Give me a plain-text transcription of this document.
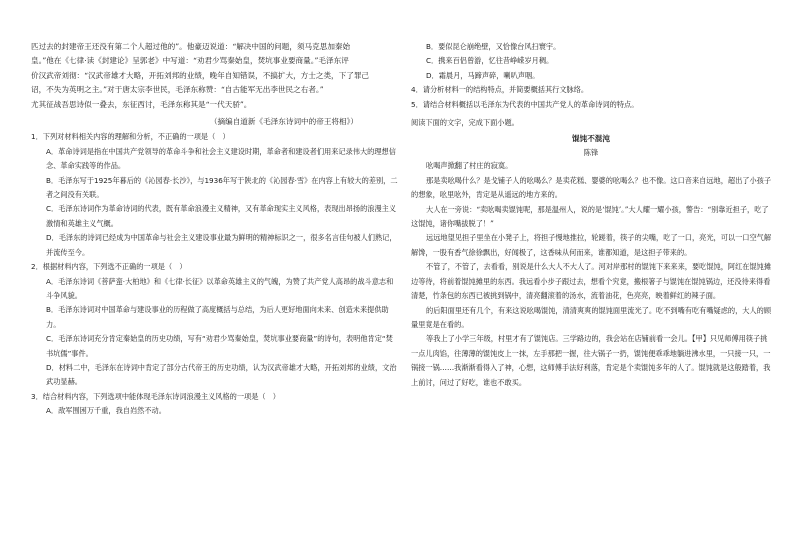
匹过去的封建帝王还没有第二个人超过他的”。他豪迈说道：“解决中国的问题，须马克思加秦始

皇。”他在《七律·读《封建论》呈郭老》中写道：“劝君少骂秦始皇，焚坑事业要商量。”毛泽东评

价汉武帝刘彻：“汉武帝雄才大略，开拓刘邦的业绩，晚年自知错误，不搞扩大，方士之类，下了罪己

诏，不失为英明之主。”对于唐太宗李世民，毛泽东称赞：“自古能军无出李世民之右者。”

尤其征战吾思诗似一叠去，东征西讨，毛泽东称其是“一代天骄”。

（摘编自道新《毛泽东诗词中的帝王将相》）

1．下列对材料相关内容的理解和分析，不正确的一项是（　）

A．革命诗词是指在中国共产党领导的革命斗争和社会主义建设时期，革命者和建设者们用来记录伟大的理想信念、革命实践等的作品。

B．毛泽东写于1925年暮后的《沁园春·长沙》，与1936年写于陕北的《沁园春·雪》在内容上有较大的差别，二者之间没有关联。

C．毛泽东诗词作为革命诗词的代表，既有革命浪漫主义精神，又有革命现实主义风格，表现出昂扬的浪漫主义激情和英雄主义气概。

D．毛泽东的诗词已经成为中国革命与社会主义建设事业最为鲜明的精神标识之一，很多名言佳句被人们熟记，并流传至今。

2．根据材料内容，下列选不正确的一项是（　）

A．毛泽东诗词《菩萨蛮·大柏地》和《七律·长征》以革命英雄主义的气魄，为赞了共产党人高昂的战斗意志和斗争风貌。

B．毛泽东诗词对中国革命与建设事业的历程做了高度概括与总结，为后人更好地面向未来、创造未来提供助力。

C．毛泽东诗词充分肯定秦始皇的历史功绩，写有“劝君少骂秦始皇，焚坑事业要商量”的诗句，表明他肯定“焚书坑儒”事件。

D．材料二中，毛泽东在诗词中肯定了部分古代帝王的历史功绩，认为汉武帝雄才大略，开拓刘邦的业绩，文治武功显赫。

3．结合材料内容，下列选项中能体现毛泽东诗词浪漫主义风格的一项是（　）

A．敌军围困万千重，我自岿然不动。

B．要似昆仑崩绝壁，又恰像台风扫寰宇。

C．携来百侣曾游，忆往昔峥嵘岁月稠。

D．霜晨月，马蹄声碎，喇叭声咽。

4．请分析材料一的结构特点，并简要概括其行文脉络。

5．请结合材料概括以毛泽东为代表的中国共产党人的革命诗词的特点。

阅读下面的文字，完成下面小题。

馄饨不混沌

陈锋

吆喝声掀翻了村庄的寂寞。

那是卖吆喝什么？是戈铺子人的吆喝么？是卖花糕、婴婆的吆喝么？也不像。这口音来自远地，超出了小孩子的想象，吆里吆外，肯定是从遥远的地方来的。

大人在一旁说：“卖吆喝卖馄饨呢，那是温州人，说的是‘馄饨’。”大人耀一耀小孩，警告：“别靠近担子，吃了这馄饨，诸你嘴拔脱了！”

远远地望见担子里坐在小凳子上，将担子慢地推拉，轮蹉着，筷子的尖嘴，吃了一口，亮光，可以一口空气解解馋，一股有香气徐徐飘出，好闻极了，这香味从何而来，谁都知道，是这担子带来的。

不管了，不管了，去看看，别说是什么大人不大人了。河对岸那村的馄饨下来来来，要吃馄饨，阿红在馄饨摊边等待，将前着馄饨摊里的东西。我远看小步子跟过去，想看个究竟，搬根箸子与馄饨在馄饨锅边，还没待来得看清楚，竹条包的东西已被挑到锅中，清亮翻滚着的汤水，流着油花，色亮亮，映着鲜红的辣子面。

的后阳面里还有几个，有来这说吆喝馄饨，清清爽爽的馄饨面里流光了。吃不到嘴有吃有嘴疑虑的，大人的顾量里竟是在看的。

等我上了小学三年级，村里才有了馄饨店。三学路边的，我会站在店铺前看一会儿。【甲】只见师傅用筷子挑一点儿肉馅，往薄薄的馄饨皮上一抹，左手那把一握，往大锅子一扔，馄饨便乖乖地躺进沸水里，一只接一只，一锅接一锅……我渐渐看得入了神，心想，这师傅手法好利落，肯定是个卖馄饨多年的人了。馄饨就是这般踏着，我上前讨，问过了好吃，谁也不敢买。
